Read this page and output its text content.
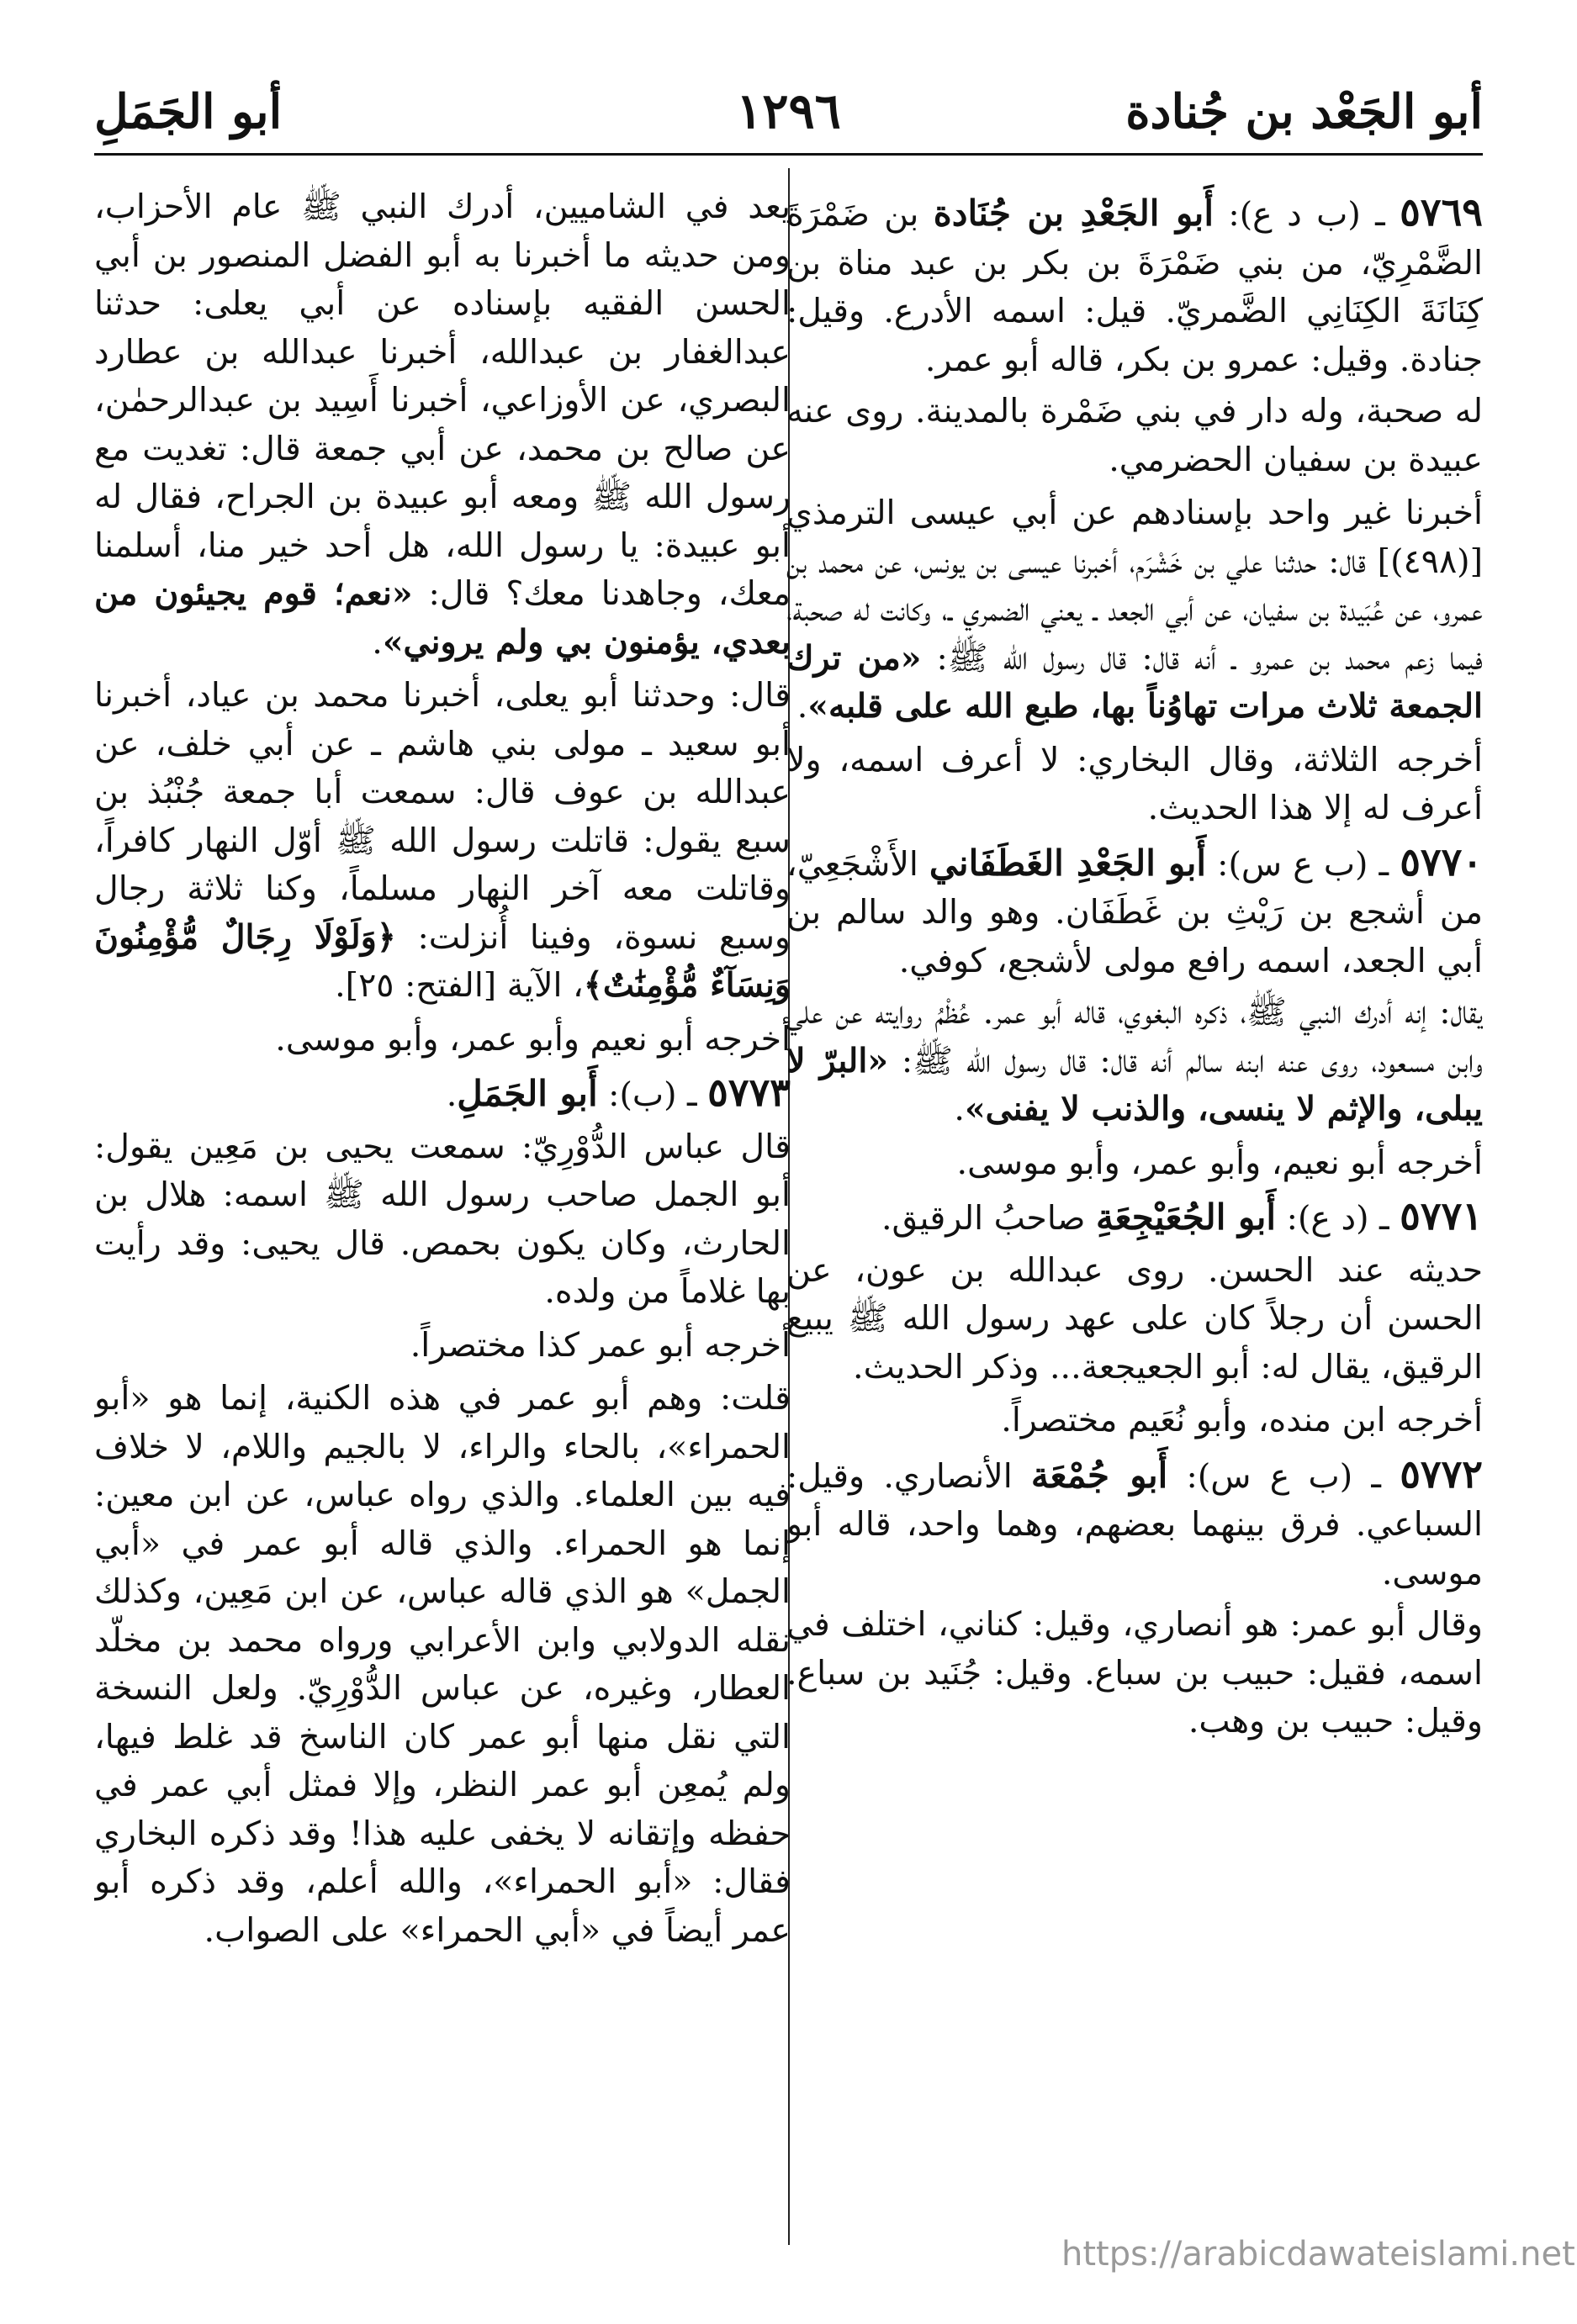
أبو الجَعْد بن جُنادة
١٢٩٦
أبو الجَمَلِ

٥٧٦٩ ـ (ب د ع): أَبو الجَعْدِ بن جُنَادة بن ضَمْرَةَ الضَّمْرِيّ، من بني ضَمْرَةَ بن بكر بن عبد مناة بن كِنَانَةَ الكِنَانِي الضَّمريّ. قيل: اسمه الأدرع. وقيل: جنادة. وقيل: عمرو بن بكر، قاله أبو عمر.

له صحبة، وله دار في بني ضَمْرة بالمدينة. روى عنه عبيدة بن سفيان الحضرمي.

أخبرنا غير واحد بإسنادهم عن أبي عيسى الترمذي [(٤٩٨)] قال: حدثنا علي بن خَشْرَم، أخبرنا عيسى بن يونس، عن محمد بن عمرو، عن عُبَيدة بن سفيان، عن أبي الجعد ـ يعني الضمري ـ، وكانت له صحبة، فيما زعم محمد بن عمرو ـ أنه قال: قال رسول الله ﷺ: «من ترك الجمعة ثلاث مرات تهاوُناً بها، طبع الله على قلبه».

أخرجه الثلاثة، وقال البخاري: لا أعرف اسمه، ولا أعرف له إلا هذا الحديث.

٥٧٧٠ ـ (ب ع س): أَبو الجَعْدِ الغَطَفَاني الأَشْجَعِيّ، من أشجع بن رَيْثِ بن غَطَفَان. وهو والد سالم بن أبي الجعد، اسمه رافع مولى لأشجع، كوفي.

يقال: إنه أدرك النبي ﷺ، ذكره البغوي، قاله أبو عمر. عُظْمُ روايته عن علي وابن مسعود، روى عنه ابنه سالم أنه قال: قال رسول الله ﷺ: «البرّ لا يبلى، والإثم لا ينسى، والذنب لا يفنى».

أخرجه أبو نعيم، وأبو عمر، وأبو موسى.

٥٧٧١ ـ (د ع): أَبو الجُعَيْجِعَةِ صاحبُ الرقيق.

حديثه عند الحسن. روى عبدالله بن عون، عن الحسن أن رجلاً كان على عهد رسول الله ﷺ يبيع الرقيق، يقال له: أبو الجعيجعة... وذكر الحديث.

أخرجه ابن منده، وأبو نُعَيم مختصراً.

٥٧٧٢ ـ (ب ع س): أَبو جُمْعَة الأنصاري. وقيل: السباعي. فرق بينهما بعضهم، وهما واحد، قاله أبو موسى.

وقال أبو عمر: هو أنصاري، وقيل: كناني، اختلف في اسمه، فقيل: حبيب بن سباع. وقيل: جُنَيد بن سباع. وقيل: حبيب بن وهب.

يعد في الشاميين، أدرك النبي ﷺ عام الأحزاب، ومن حديثه ما أخبرنا به أبو الفضل المنصور بن أبي الحسن الفقيه بإسناده عن أبي يعلى: حدثنا عبدالغفار بن عبدالله، أخبرنا عبدالله بن عطارد البصري، عن الأوزاعي، أخبرنا أَسِيد بن عبدالرحمٰن، عن صالح بن محمد، عن أبي جمعة قال: تغديت مع رسول الله ﷺ ومعه أبو عبيدة بن الجراح، فقال له أبو عبيدة: يا رسول الله، هل أحد خير منا، أسلمنا معك، وجاهدنا معك؟ قال: «نعم؛ قوم يجيئون من بعدي، يؤمنون بي ولم يروني».

قال: وحدثنا أبو يعلى، أخبرنا محمد بن عياد، أخبرنا أبو سعيد ـ مولى بني هاشم ـ عن أبي خلف، عن عبدالله بن عوف قال: سمعت أبا جمعة جُنْبُذ بن سبع يقول: قاتلت رسول الله ﷺ أوّل النهار كافراً، وقاتلت معه آخر النهار مسلماً، وكنا ثلاثة رجال وسبع نسوة، وفينا أُنزلت: ﴿وَلَوْلَا رِجَالٌ مُّؤْمِنُونَ وَنِسَآءٌ مُّؤْمِنَٰتٌ﴾، الآية [الفتح: ٢٥].

أخرجه أبو نعيم وأبو عمر، وأبو موسى.

٥٧٧٣ ـ (ب): أَبو الجَمَلِ.

قال عباس الدُّوْرِيّ: سمعت يحيى بن مَعِين يقول: أبو الجمل صاحب رسول الله ﷺ اسمه: هلال بن الحارث، وكان يكون بحمص. قال يحيى: وقد رأيت بها غلاماً من ولده.

أخرجه أبو عمر كذا مختصراً.

قلت: وهم أبو عمر في هذه الكنية، إنما هو «أبو الحمراء»، بالحاء والراء، لا بالجيم واللام، لا خلاف فيه بين العلماء. والذي رواه عباس، عن ابن معين: إنما هو الحمراء. والذي قاله أبو عمر في «أبي الجمل» هو الذي قاله عباس، عن ابن مَعِين، وكذلك نقله الدولابي وابن الأعرابي ورواه محمد بن مخلّد العطار، وغيره، عن عباس الدُّوْرِيّ. ولعل النسخة التي نقل منها أبو عمر كان الناسخ قد غلط فيها، ولم يُمعِن أبو عمر النظر، وإلا فمثل أبي عمر في حفظه وإتقانه لا يخفى عليه هذا! وقد ذكره البخاري فقال: «أبو الحمراء»، والله أعلم، وقد ذكره أبو عمر أيضاً في «أبي الحمراء» على الصواب.

https://arabicdawateislami.net
